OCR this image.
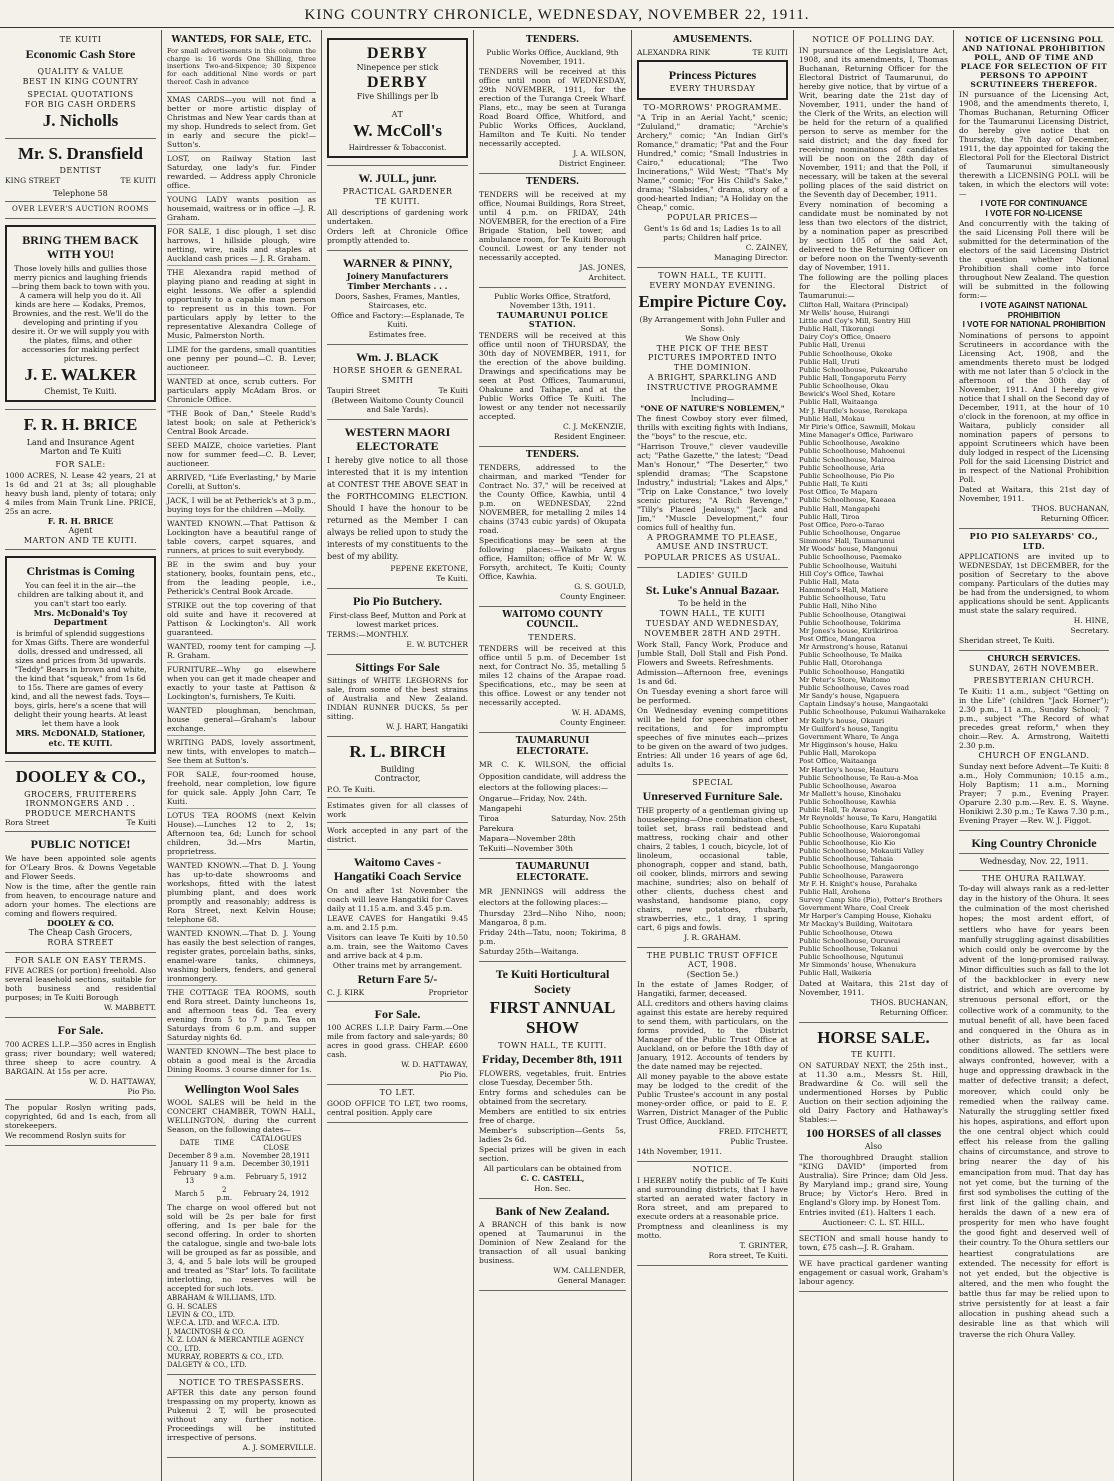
KING COUNTRY CHRONICLE, WEDNESDAY, NOVEMBER 22, 1911.
TE KUITI
Economic Cash Store
QUALITY & VALUE
BEST IN KING COUNTRY
SPECIAL QUOTATIONS
FOR BIG CASH ORDERS
J. Nicholls
Mr. S. Dransfield
DENTIST
KING STREET	TE KUITI
Telephone 58
OVER LEVER'S AUCTION ROOMS
BRING THEM BACK WITH YOU!

Those lovely hills and gullies those merry picnics and laughing friends—bring them back to town with you. A camera will help you do it. All kinds are here — Kodaks, Premos, Brownies, and the rest. We'll do the developing and printing if you desire it. Or we will supply you with the plates, films, and other accessories for making perfect pictures.

J. E. WALKER
Chemist, Te Kuiti.
F. R. H. BRICE
Land and Insurance Agent
Marton and Te Kuiti
FOR SALE:

1000 ACRES, N. Lease 42 years, 21 at 1s 6d and 21 at 3s; all ploughable heavy bush land, plenty of totara; only 4 miles from Main Trunk Line. PRICE, 25s an acre.

F. R. H. BRICE
Agent
MARTON AND TE KUITI.
Christmas is Coming

You can feel it in the air—the children are talking about it, and you can't start too early.

Mrs. McDonald's Toy Department

is brimful of splendid suggestions for Xmas Gifts. There are wonderful dolls, dressed and undressed, all sizes and prices from 3d upwards. "Teddy" Bears in brown and white, the kind that "squeak," from 1s 6d to 15s. There are games of every kind, and all the newest fads. Toys—boys, girls, here's a scene that will delight their young hearts. At least let them have a look

MRS. McDONALD, Stationer, etc. TE KUITI.
DOOLEY & CO.,
GROCERS, FRUITERERS
IRONMONGERS AND . .
PRODUCE MERCHANTS
Rora Street	Te Kuiti
PUBLIC NOTICE!

We have been appointed sole agents for O'Leary Bros. & Downs Vegetable and Flower Seeds.

Now is the time, after the gentle rain from heaven, to encourage nature and adorn your homes. The elections are coming and flowers required.

DOOLEY & CO.
The Cheap Cash Grocers,
RORA STREET
FOR SALE ON EASY TERMS.

FIVE ACRES (or portion) freehold. Also several leasehold sections, suitable for both business and residential purposes; in Te Kuiti Borough

W. MABBETT.

For Sale.

700 ACRES L.I.P.—350 acres in English grass; river boundary; well watered; three sheep to acre country. A BARGAIN. At 15s per acre.

W. D. HATTAWAY,

Pio Pio.

The popular Roslyn writing pads, copyrighted, 6d and 1s each, from all storekeepers.

We recommend Roslyn suits for

WANTEDS, FOR SALE, ETC.

For small advertisements in this column the charge is: 16 words One Shilling, three insertions Two-and-Sixpence; 30 Sixpence for each additional Nine words or part thereof. Cash in advance

XMAS CARDS—you will not find a better or more artistic display of Christmas and New Year cards than at my shop. Hundreds to select from. Get in early and secure the pick!—Sutton's.

LOST, on Railway Station last Saturday, one lady's fur. Finder rewarded. — Address apply Chronicle office.

YOUNG LADY wants position as housemaid, waitress or in office —J. R. Graham.

FOR SALE, 1 disc plough, 1 set disc harrows, 1 hillside plough, wire netting, wire, nails and staples at Auckland cash prices — J. R. Graham.

THE Alexandra rapid method of playing piano and reading at sight in eight lessons. We offer a splendid opportunity to a capable man person to represent us in this town. For particulars apply by letter to the representative Alexandra College of Music, Palmerston North.

LIME for the gardens, small quantities one penny per pound—C. B. Lever, auctioneer.

WANTED at once, scrub cutters. For particulars apply McAdam Bros. or Chronicle Office.

"THE Book of Dan," Steele Rudd's latest book; on sale at Petherick's Central Book Arcade.

SEED MAIZE, choice varieties. Plant now for summer feed—C. B. Lever, auctioneer.

ARRIVED, "Life Everlasting," by Marie Corelli, at Sutton's.

JACK, I will be at Petherick's at 3 p.m., buying toys for the children —Molly.

WANTED KNOWN.—That Pattison & Lockington have a beautiful range of table covers, carpet squares, and runners, at prices to suit everybody.

BE in the swim and buy your stationery, books, fountain pens, etc., from the leading people, i.e., Petherick's Central Book Arcade.

STRIKE out the top covering of that old suite and have it recovered at Pattison & Lockington's. All work guaranteed.

WANTED, roomy tent for camping —J. R. Graham.

FURNITURE—Why go elsewhere when you can get it made cheaper and exactly to your taste at Pattison & Lockington's, furnishers, Te Kuiti.

WANTED ploughman, benchman, house general—Graham's labour exchange.

WRITING PADS, lovely assortment, new tints, with envelopes to match—See them at Sutton's.

FOR SALE, four-roomed house, freehold, near completion, low figure for quick sale. Apply John Carr, Te Kuiti.

LOTUS TEA ROOMS (next Kelvin House).—Lunches 12 to 2, 1s; Afternoon tea, 6d; Lunch for school children, 3d.—Mrs Martin, proprietress.

WANTED KNOWN.—That D. J. Young has up-to-date showrooms and workshops, fitted with the latest plumbing plant, and does work promptly and reasonably; address is Rora Street, next Kelvin House; telephone 68.

WANTED KNOWN.—That D. J. Young has easily the best selection of ranges, register grates, porcelain baths, sinks, enamel-ware tanks, chimneys, washing boilers, fenders, and general ironmongery.

THE COTTAGE TEA ROOMS, south end Rora street. Dainty luncheons 1s, and afternoon teas 6d. Tea every evening from 5 to 7 p.m. Tea on Saturdays from 6 p.m. and supper Saturday nights 6d.

WANTED KNOWN—The best place to obtain a good meal is the Arcadia Dining Rooms. 3 course dinner for 1s.

Wellington Wool Sales

WOOL SALES will be held in the CONCERT CHAMBER, TOWN HALL, WELLINGTON, during the current Season, on the following dates—

DATE	TIME	CATALOGUES CLOSE
December 8	9 a.m.	November 28,1911
January 11	9 a.m.	December 30,1911
February 13	9 a.m.	February 5, 1912
March 5	2 p.m.	February 24, 1912

The charge on wool offered but not sold will be 2s per bale for first offering, and 1s per bale for the second offering. In order to shorten the catalogue, single and two-bale lots will be grouped as far as possible, and 3, 4, and 5 bale lots will be grouped and treated as "Star" lots. To facilitate interlotting, no reserves will be accepted for such lots.

ABRAHAM & WILLIAMS, LTD.
G. H. SCALES
LEVIN & CO., LTD.
W.F.C.A. LTD. and W.F.C.A. LTD.
J. MACINTOSH & CO.
N. Z. LOAN & MERCANTILE AGENCY CO., LTD.
MURRAY, ROBERTS & CO., LTD.
DALGETY & CO., LTD.
NOTICE TO TRESPASSERS.

AFTER this date any person found trespassing on my property, known as Pukenui 2 T, will be prosecuted without any further notice. Proceedings will be instituted irrespective of persons.

A. J. SOMERVILLE.

DERBY
Ninepence per stick
DERBY
Five Shillings per lb
AT
W. McColl's
Hairdresser & Tobacconist.
W. JULL, junr.
PRACTICAL GARDENER
TE KUITI.

All descriptions of gardening work undertaken.

Orders left at Chronicle Office promptly attended to.

WARNER & PINNY,
Joinery Manufacturers
Timber Merchants . . .

Doors, Sashes, Frames, Mantles, Staircases, etc.

Office and Factory:—Esplanade, Te Kuiti.

Estimates free.

Wm. J. BLACK
HORSE SHOER & GENERAL SMITH
Taupiri Street	Te Kuiti

(Between Waitomo County Council and Sale Yards).

WESTERN MAORI ELECTORATE

I hereby give notice to all those interested that it is my intention at CONTEST THE ABOVE SEAT in the FORTHCOMING ELECTION. Should I have the honour to be returned as the Member I can always be relied upon to study the interests of my constituents to the best of my ability.

PEPENE EKETONE,

Te Kuiti.

Pio Pio Butchery.

First-class Beef, Mutton and Pork at lowest market prices.

TERMS:—MONTHLY.

E. W. BUTCHER

Sittings For Sale

Sittings of WHITE LEGHORNS for sale, from some of the best strains of Australia and New Zealand. INDIAN RUNNER DUCKS, 5s per sitting.

W. J. HART, Hangatiki

R. L. BIRCH
Building
Contractor,

P.O. Te Kuiti.

Estimates given for all classes of work

Work accepted in any part of the district.

Waitomo Caves - Hangatiki Coach Service

On and after 1st November the coach will leave Hangatiki for Caves daily at 11.15 a.m. and 3.45 p.m.

LEAVE CAVES for Hangatiki 9.45 a.m. and 2.15 p.m.

Visitors can leave Te Kuiti by 10.50 a.m. train, see the Waitomo Caves and arrive back at 4 p.m.

Other trains met by arrangement.

Return Fare 5/-
C. J. KIRK	Proprietor
For Sale.

100 ACRES L.I.P. Dairy Farm.—One mile from factory and sale-yards; 80 acres in good grass. CHEAP. £600 cash.

W. D. HATTAWAY,

Pio Pio.

TO LET.

GOOD OFFICE TO LET, two rooms, central position. Apply care

TENDERS.

Public Works Office, Auckland, 9th November, 1911.

TENDERS will be received at this office until noon of WEDNESDAY, 29th NOVEMBER, 1911, for the erection of the Turanga Creek Wharf. Plans, etc., may be seen at Turanga Road Board Office, Whitford, and Public Works Offices, Auckland, Hamilton and Te Kuiti. No tender necessarily accepted.

J. A. WILSON,

District Engineer.

TENDERS.

TENDERS will be received at my office, Noumai Buildings, Rora Street, until 4 p.m. on FRIDAY, 24th NOVEMBER, for the erection of a Fire Brigade Station, bell tower, and ambulance room, for Te Kuiti Borough Council. Lowest or any tender not necessarily accepted.

JAS. JONES,

Architect.

Public Works Office, Stratford, November 13th, 1911.

TAUMARUNUI POLICE STATION.

TENDERS will be received at this office until noon of THURSDAY, the 30th day of NOVEMBER, 1911, for the erection of the above building. Drawings and specifications may be seen at Post Offices, Taumarunui, Ohakune and Taihape, and at the Public Works Office Te Kuiti. The lowest or any tender not necessarily accepted.

C. J. McKENZIE,

Resident Engineer.

TENDERS.

TENDERS, addressed to the chairman, and marked "Tender for Contract No. 37," will be received at the County Office, Kawhia, until 4 p.m. on WEDNESDAY, 22nd NOVEMBER, for metalling 2 miles 14 chains (3743 cubic yards) of Okupata road.

Specifications may be seen at the following places:—Waikato Argus office, Hamilton; office of Mr W. W. Forsyth, architect, Te Kuiti; County Office, Kawhia.

G. S. GOULD,

County Engineer.

WAITOMO COUNTY COUNCIL.
TENDERS.

TENDERS will be received at this office until 5 p.m. of December 1st next, for Contract No. 35, metalling 5 miles 12 chains of the Arapae road. Specifications, etc., may be seen at this office. Lowest or any tender not necessarily accepted.

W. H. ADAMS,

County Engineer.

TAUMARUNUI ELECTORATE.

MR C. K. WILSON, the official Opposition candidate, will address the electors at the following places:—

Ongarue—Friday, Nov. 24th.

Mangapehi

Tiroa	Saturday, Nov. 25th

Parekura

Mapara—November 28th

TeKuiti—November 30th

TAUMARUNUI ELECTORATE.

MR JENNINGS will address the electors at the following places:—

Thursday 23rd—Niho Niho, noon; Mangaroa, 8 p.m.

Friday 24th—Tatu, noon; Tokirima, 8 p.m.

Saturday 25th—Waitanga.

Te Kuiti Horticultural Society
FIRST ANNUAL SHOW
TOWN HALL, TE KUITI.
Friday, December 8th, 1911

FLOWERS, vegetables, fruit. Entries close Tuesday, December 5th.

Entry forms and schedules can be obtained from the secretary.

Members are entitled to six entries free of charge.

Member's subscription—Gents 5s, ladies 2s 6d.

Special prizes will be given in each section.

All particulars can be obtained from

C. C. CASTELL,

Hon. Sec.

Bank of New Zealand.

A BRANCH of this bank is now opened at Taumarunui in the Dominion of New Zealand for the transaction of all usual banking business.

WM. CALLENDER,

General Manager.

AMUSEMENTS.
ALEXANDRA RINK	TE KUITI
Princess Pictures
EVERY THURSDAY
TO-MORROWS' PROGRAMME.

"A Trip in an Aerial Yacht," scenic; "Zululand," dramatic; "Archie's Archery," comic; "An Indian Girl's Romance," dramatic; "Pat and the Four Hundred," comic; "Small Industries in Cairo," educational; "The Two Incinerations," Wild West; "That's My Name," comic; "For His Child's Sake," drama; "Slabsides," drama, story of a good-hearted Indian; "A Holiday on the Cheap," comic.

POPULAR PRICES—

Gent's 1s 6d and 1s; Ladies 1s to all parts; Children half price.

C. ZAINEY,

Managing Director.

TOWN HALL, TE KUITI.
EVERY MONDAY EVENING.
Empire Picture Coy.

(By Arrangement with John Fuller and Sons).

We Show Only

THE PICK OF THE BEST PICTURES IMPORTED INTO THE DOMINION.

A BRIGHT, SPARKLING AND INSTRUCTIVE PROGRAMME

Including—

"ONE OF NATURE'S NOBLEMEN,"

The finest Cowboy story ever filmed, thrills with exciting fights with Indians, the "boys" to the rescue, etc.

"Harrison Trouve," clever vaudeville act; "Pathe Gazette," the latest; "Dead Man's Honour," "The Deserter," two splendid dramas; "The Scapstone Industry," industrial; "Lakes and Alps," "Trip on Lake Constance," two lovely scenic pictures; "A Rich Revenge," "Tilly's Placed Jealousy," "Jack and Jim," "Muscle Development," four comics full of healthy fun.

A PROGRAMME TO PLEASE, AMUSE AND INSTRUCT.

POPULAR PRICES AS USUAL.

LADIES' GUILD
St. Luke's Annual Bazaar.
To be held in the
TOWN HALL, TE KUITI

TUESDAY AND WEDNESDAY, NOVEMBER 28TH AND 29TH.

Work Stall, Fancy Work, Produce and Jumble Stall, Doll Stall and Fish Pond. Flowers and Sweets. Refreshments.

Admission—Afternoon free, evenings 1s and 6d.

On Tuesday evening a short farce will be performed.

On Wednesday evening competitions will be held for speeches and other recitations, and for impromptu speeches of five minutes each—prizes to be given on the award of two judges. Entries: All under 16 years of age 6d, adults 1s.

SPECIAL
Unreserved Furniture Sale.

THE property of a gentleman giving up housekeeping—One combination chest, toilet set, brass rail bedstead and mattress, rocking chair and other chairs, 2 tables, 1 couch, bicycle, lot of linoleum, occasional table, phonograph, copper and stand, bath, oil cooker, blinds, mirrors and sewing machine, sundries; also on behalf of other clients, duchess chest and washstand, handsome piano, copy chairs, new potatoes, rhubarb, strawberries, etc., 1 dray, 1 spring cart, 6 pigs and fowls.

J. R. GRAHAM.

THE PUBLIC TRUST OFFICE ACT, 1908.
(Section 5e.)

In the estate of James Rodger, of Hangatiki, farmer, deceased.

ALL creditors and others having claims against this estate are hereby required to send them, with particulars, on the forms provided, to the District Manager of the Public Trust Office at Auckland, on or before the 18th day of January, 1912. Accounts of tenders by the date named may be rejected.

All money payable to the above estate may be lodged to the credit of the Public Trustee's account in any postal money-order office, or paid to E. F. Warren, District Manager of the Public Trust Office, Auckland.

FRED. FITCHETT,

Public Trustee.

14th November, 1911.

NOTICE.

I HEREBY notify the public of Te Kuiti and surrounding districts, that I have started an aerated water factory in Rora street, and am prepared to execute orders at a reasonable price.

Promptness and cleanliness is my motto.

T. GRINTER,

Rora street, Te Kuiti.

NOTICE OF POLLING DAY.

IN pursuance of the Legislature Act, 1908, and its amendments, I, Thomas Buchanan, Returning Officer for the Electoral District of Taumarunui, do hereby give notice, that by virtue of a Writ, bearing date the 21st day of November, 1911, under the hand of the Clerk of the Writs, an election will be held for the return of a qualified person to serve as member for the said district; and the day fixed for receiving nominations of candidates will be noon on the 28th day of November, 1911; and that the Poll, if necessary, will be taken at the several polling places of the said district on the Seventh day of December, 1911.

Every nomination of becoming a candidate must be nominated by not less than two electors of the district, by a nomination paper as prescribed by section 105 of the said Act, delivered to the Returning Officer on or before noon on the Twenty-seventh day of November, 1911.

The following are the polling places for the Electoral District of Taumarunui:—

Clifton Hall, Waitara (Principal)
Mr Wells' house, Huirangi
Little and Coy's Mill, Sentry Hill
Public Hall, Tikorangi
Dairy Coy's Office, Onaero
Public Hall, Urenui
Public Schoolhouse, Okoke
Public Hall, Uruti
Public Schoolhouse, Pukearuhe
Public Hall, Tongaporutu Ferry
Public Schoolhouse, Okau
Bewick's Wool Shed, Kotare
Public Hall, Waitaanga
Mr J. Hurdle's house, Rerekapa
Public Hall, Mokau
Mr Pirie's Office, Sawmill, Mokau
Mine Manager's Office, Pariwaro
Public Schoolhouse, Awakino
Public Schoolhouse, Mahoenui
Public Schoolhouse, Mairoa
Public Schoolhouse, Aria
Public Schoolhouse, Pio Pio
Public Hall, Te Kuiti
Post Office, Te Mapara
Public Schoolhouse, Kaeaea
Public Hall, Mangapehi
Public Hall, Tiroa
Post Office, Poro-o-Tarao
Public Schoolhouse, Ongarue
Simmons' Hall, Taumarunui
Mr Woods' house, Mangonui
Public Schoolhouse, Paemako
Public Schoolhouse, Waituhi
Hill Coy's Office, Tawhai
Public Hall, Mata
Hammond's Hall, Matiere
Public Schoolhouse, Tatu
Public Hall, Niho Niho
Public Schoolhouse, Otangiwai
Public Schoolhouse, Tokirima
Mr Jones's house, Kirikiriroa
Post Office, Mangaroa
Mr Armstrong's house, Ratanui
Public Schoolhouse, Te Maika
Public Hall, Otorohanga
Public Schoolhouse, Hangatiki
Mr Peter's Store, Waitomo
Public Schoolhouse, Caves road
Mr Sandy's house, Ngapuera
Captain Lindsay's house, Mangaotaki
Public Schoolhouse, Pukunui Waiharakeke
Mr Kelly's house, Okauri
Mr Guilford's house, Tangitu
Government Whare, Te Anga
Mr Higginson's house, Haku
Public Hall, Marokopa
Post Office, Waitaanga
Mr Hartley's house, Hauturu
Public Schoolhouse, Te Rau-a-Moa
Public Schoolhouse, Awaroa
Mr Mallett's house, Kinohaku
Public Schoolhouse, Kawhia
Public Hall, Te Awaroa
Mr Reynolds' house, Te Karu, Hangatiki
Public Schoolhouse, Karu Kupatahi
Public Schoolhouse, Waiorongomai
Public Schoolhouse, Kio Kio
Public Schoolhouse, Mokauiti Valley
Public Schoolhouse, Tahaia
Public Schoolhouse, Mangaorongo
Public Schoolhouse, Parawera
Mr F. H. Knight's house, Parahaka
Public Hall, Arohena
Survey Camp Site (Pio), Potter's Brothers
Government Whare, Coal Creek
Mr Harper's Camping House, Kiohaku
Mr Mackay's Building, Waitotara
Public Schoolhouse, Otewa
Public Schoolhouse, Ouruwai
Public Schoolhouse, Tokanui
Public Schoolhouse, Ngutunui
Mr Simmonds' house, Whenukura
Public Hall, Waikeria

Dated at Waitara, this 21st day of November, 1911.

THOS. BUCHANAN,

Returning Officer.

HORSE SALE.
TE KUITI.

ON SATURDAY NEXT, the 25th inst., at 11.30 a.m., Messrs St. Hill, Bradwardine & Co. will sell the undermentioned Horses by Public Auction on their section adjoining the old Dairy Factory and Hathaway's Stables:—

100 HORSES of all classes
Also

The thoroughbred Draught stallion "KING DAVID" (imported from Australia). Sire Prince; dam Old Jess. By Maryland imp.; grand sire, Young Bruce; by Victor's Hero. Bred in England's Glory imp. by Honest Tom.

Entries invited (£1). Halters 1 each.

Auctioneer: C. L. ST. HILL.

SECTION and small house handy to town, £75 cash—J. R. Graham.

WE have practical gardener wanting engagement or casual work, Graham's labour agency.

NOTICE OF LICENSING POLL AND NATIONAL PROHIBITION POLL, AND OF TIME AND PLACE FOR SELECTION OF FIT PERSONS TO APPOINT SCRUTINEERS THEREFOR.

IN pursuance of the Licensing Act, 1908, and the amendments thereto, I, Thomas Buchanan, Returning Officer for the Taumarunui Licensing District, do hereby give notice that on Thursday, the 7th day of December, 1911, the day appointed for taking the Electoral Poll for the Electoral District of Taumarunui simultaneously therewith a LICENSING POLL will be taken, in which the electors will vote:—

I VOTE FOR CONTINUANCE
I VOTE FOR NO-LICENSE

And concurrently with the taking of the said Licensing Poll there will be submitted for the determination of the electors of the said Licensing District the question whether National Prohibition shall come into force throughout New Zealand. The question will be submitted in the following form:—

I VOTE AGAINST NATIONAL PROHIBITION
I VOTE FOR NATIONAL PROHIBITION

Nominations of persons to appoint Scrutineers in accordance with the Licensing Act, 1908, and the amendments thereto must be lodged with me not later than 5 o'clock in the afternoon of the 30th day of November, 1911. And I hereby give notice that I shall on the Second day of December, 1911, at the hour of 10 o'clock in the forenoon, at my office in Waitara, publicly consider all nomination papers of persons to appoint Scrutineers which have been duly lodged in respect of the Licensing Poll for the said Licensing District and in respect of the National Prohibition Poll.

Dated at Waitara, this 21st day of November, 1911.

THOS. BUCHANAN,

Returning Officer.

PIO PIO SALEYARDS' CO., LTD.

APPLICATIONS are invited up to WEDNESDAY, 1st DECEMBER, for the position of Secretary to the above company. Particulars of the duties may be had from the undersigned, to whom applications should be sent. Applicants must state the salary required.

H. HINE,

Secretary.

Sheridan street, Te Kuiti.

CHURCH SERVICES.
SUNDAY, 26TH NOVEMBER.
PRESBYTERIAN CHURCH.

Te Kuiti: 11 a.m., subject "Getting on in the Life" (children "Jack Horner"); 2.30 p.m., 11 a.m., Sunday School; 7 p.m., subject "The Record of what precedes great reform," when they choir.—Rev. A. Armstrong, Waitetti 2.30 p.m.

CHURCH OF ENGLAND.

Sunday next before Advent—Te Kuiti: 8 a.m., Holy Communion; 10.15 a.m., Holy Baptism; 11 a.m., Morning Prayer; 7 p.m., Evening Prayer. Oparure 2.30 p.m.—Rev. E. S. Wayne. Honikiwi 2.30 p.m.; Te Kawa 7.30 p.m., Evening Prayer —Rev. W. J. Figgot.

King Country Chronicle
Wednesday, Nov. 22, 1911.
THE OHURA RAILWAY.

To-day will always rank as a red-letter day in the history of the Ohura. It sees the culmination of the most cherished hopes; the most ardent effort, of settlers who have for years been manfully struggling against disabilities which could only be overcome by the advent of the long-promised railway. Minor difficulties such as fall to the lot of the backblocker in every new district, and which are overcome by strenuous personal effort, or the collective work of a community, to the mutual benefit of all, have been faced and conquered in the Ohura as in other districts, as far as local conditions allowed. The settlers were always confronted, however, with a huge and oppressing drawback in the matter of defective transit; a defect, moreover, which could only be remedied when the railway came. Naturally the struggling settler fixed his hopes, aspirations, and effort upon the one central object which could effect his release from the galling chains of circumstance, and strove to bring nearer the day of his emancipation from mud. That day has not yet come, but the turning of the first sod symbolises the cutting of the first link of the galling chain, and heralds the dawn of a new era of prosperity for men who have fought the good fight and deserved well of their country. To the Ohura settlers our heartiest congratulations are extended. The necessity for effort is not yet ended, but the objective is altered, and the men who fought the battle thus far may be relied upon to strive persistently for at least a fair allocation in pushing ahead such a desirable line as that which will traverse the rich Ohura Valley.
